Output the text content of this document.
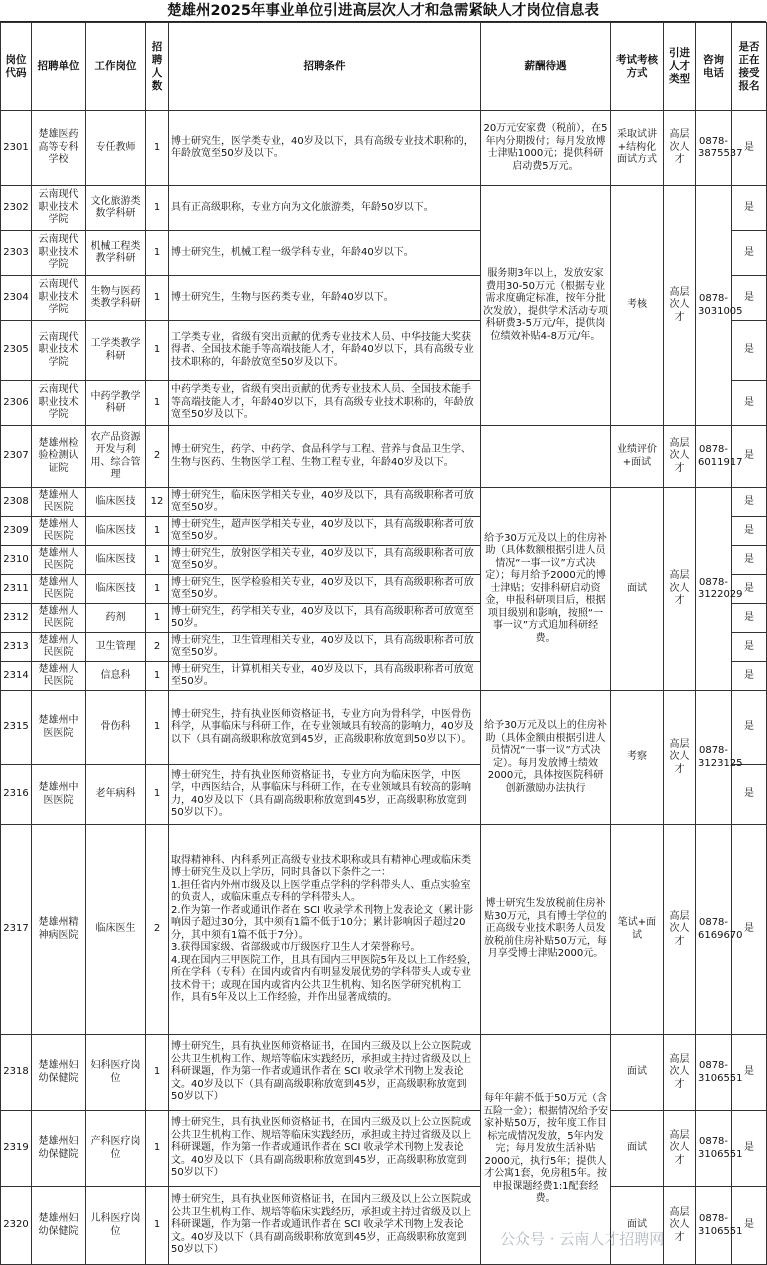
楚雄州2025年事业单位引进高层次人才和急需紧缺人才岗位信息表
岗位代码	招聘单位	工作岗位	招聘人数	招聘条件	薪酬待遇	考试考核方式	引进人才类型	咨询电话	是否正在接受报名
2301	楚雄医药高等专科学校	专任教师	1	博士研究生，医学类专业，40岁及以下，具有高级专业技术职称的，年龄放宽至50岁及以下。	20万元安家费（税前），在5年内分期拨付；每月发放博士津贴1000元；提供科研启动费5万元。	采取试讲+结构化面试方式	高层次人才	0878-3875537	是
2302	云南现代职业技术学院	文化旅游类数学科研	1	具有正高级职称，专业方向为文化旅游类，年龄50岁以下。	服务期3年以上，发放安家费用30-50万元（根据专业需求度确定标准，按年分批次发放），提供学术活动专项科研费3-5万元/年，提供岗位绩效补贴4-8万元/年。	考核	高层次人才	0878-3031005	是
2303	云南现代职业技术学院	机械工程类教学科研	1	博士研究生，机械工程一级学科专业，年龄40岁以下。					是
2304	云南现代职业技术学院	生物与医药类教学科研	1	博士研究生，生物与医药类专业，年龄40岁以下。					是
2305	云南现代职业技术学院	工学类教学科研	1	工学类专业，省级有突出贡献的优秀专业技术人员、中华技能大奖获得者、全国技术能手等高端技能人才，年龄40岁以下，具有高级专业技术职称的，年龄放宽至50岁及以下。					是
2306	云南现代职业技术学院	中药学教学科研	1	中药学类专业，省级有突出贡献的优秀专业技术人员、全国技术能手等高端技能人才，年龄40岁以下，具有高级专业技术职称的，年龄放宽至50岁及以下。					是
2307	楚雄州检验检测认证院	农产品资源开发与利用、综合管理	2	博士研究生，药学、中药学、食品科学与工程、营养与食品卫生学、生物与医药、生物医学工程、生物工程专业，年龄40岁及以下。		业绩评价+面试	高层次人才	0878-6011917	是
2308	楚雄州人民医院	临床医技	12	博士研究生，临床医学相关专业，40岁及以下，具有高级职称者可放宽至50岁。	给予30万元及以上的住房补助（具体数额根据引进人员情况“一事一议”方式决定）；每月给予2000元的博士津贴；安排科研启动资金，申报科研项目后，根据项目级别和影响，按照“一事一议”方式追加科研经费。	面试	高层次人才	0878-3122029	是
2309	楚雄州人民医院	临床医技	1	博士研究生，超声医学相关专业，40岁及以下，具有高级职称者可放宽至50岁。					是
2310	楚雄州人民医院	临床医技	1	博士研究生，放射医学相关专业，40岁及以下，具有高级职称者可放宽至50岁。					是
2311	楚雄州人民医院	临床医技	1	博士研究生，医学检验相关专业，40岁及以下，具有高级职称者可放宽至50岁。					是
2312	楚雄州人民医院	药剂	1	博士研究生，药学相关专业，40岁及以下，具有高级职称者可放宽至50岁。					是
2313	楚雄州人民医院	卫生管理	2	博士研究生，卫生管理相关专业，40岁及以下，具有高级职称者可放宽至50岁。					是
2314	楚雄州人民医院	信息科	1	博士研究生，计算机相关专业，40岁及以下，具有高级职称者可放宽至50岁。					是
2315	楚雄州中医医院	骨伤科	1	博士研究生，持有执业医师资格证书，专业方向为骨科学，中医骨伤科学，从事临床与科研工作，在专业领域具有较高的影响力，40岁及以下（具有副高级职称放宽到45岁，正高级职称放宽到50岁以下）。	给予30万元及以上的住房补助（具体金额由根据引进人员情况“一事一议”方式决定）。每月发放博士绩效2000元，具体按医院科研创新激励办法执行	考察	高层次人才	0878-3123125	是
2316	楚雄州中医医院	老年病科	1	博士研究生，持有执业医师资格证书，专业方向为临床医学，中医学，中西医结合，从事临床与科研工作，在专业领域具有较高的影响力，40岁及以下（具有副高级职称放宽到45岁，正高级职称放宽到50岁以下）。					是
2317	楚雄州精神病医院	临床医生	2	取得精神科、内科系列正高级专业技术职称或具有精神心理或临床类博士研究生及以上学历，同时具备以下条件之一：
1.担任省内外州市级及以上医学重点学科的学科带头人、重点实验室的负责人，或临床重点专科的学科带头人。
2.作为第一作者或通讯作者在 SCI 收录学术刊物上发表论文（累计影响因子超过30分，其中须有1篇不低于10分；累计影响因子超过20分，其中须有1篇不低于7分）。
3.获得国家级、省部级或市厅级医疗卫生人才荣誉称号。
4.现在国内三甲医院工作，且具有国内三甲医院5年及以上工作经验，所在学科（专科）在国内或省内有明显发展优势的学科带头人或专业技术骨干；或现在国内或省内公共卫生机构、知名医学研究机构工作，具有5年及以上工作经验，并作出显著成绩的。	博士研究生发放税前住房补贴30万元，具有博士学位的正高级专业技术职务人员发放税前住房补贴50万元，每月享受博士津贴2000元。	笔试+面试	高层次人才	0878-6169670	是
2318	楚雄州妇幼保健院	妇科医疗岗位	1	博士研究生，具有执业医师资格证书，在国内三级及以上公立医院或公共卫生机构工作、规培等临床实践经历，承担或主持过省级及以上科研课题，作为第一作者或通讯作者在 SCI 收录学术刊物上发表论文。40岁及以下（具有副高级职称放宽到45岁，正高级职称放宽到50岁以下）	每年年薪不低于50万元（含五险一金）；根据情况给予安家补贴50万，按年度工作目标完成情况发放，5年内发完；每月发放生活补贴2000元，执行5年；提供人才公寓1套，免房租5年。按申报课题经费1:1配套经费。	面试	高层次人才	0878-3106551	是
2319	楚雄州妇幼保健院	产科医疗岗位	1	博士研究生，具有执业医师资格证书，在国内三级及以上公立医院或公共卫生机构工作、规培等临床实践经历，承担或主持过省级及以上科研课题，作为第一作者或通讯作者在 SCI 收录学术刊物上发表论文。40岁及以下（具有副高级职称放宽到45岁，正高级职称放宽到50岁以下）		面试	高层次人才	0878-3106551	是
2320	楚雄州妇幼保健院	儿科医疗岗位	1	博士研究生，具有执业医师资格证书，在国内三级及以上公立医院或公共卫生机构工作、规培等临床实践经历，承担或主持过省级及以上科研课题，作为第一作者或通讯作者在 SCI 收录学术刊物上发表论文。40岁及以下（具有副高级职称放宽到45岁，正高级职称放宽到50岁以下）		面试	高层次人才	0878-3106551	是
公众号 · 云南人才招聘网
